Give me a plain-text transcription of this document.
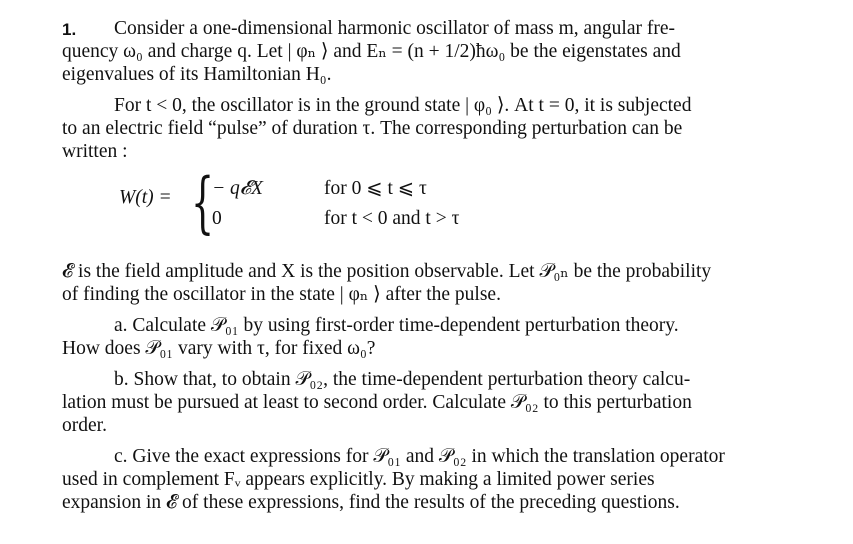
1. Consider a one-dimensional harmonic oscillator of mass m, angular fre-
quency ω₀ and charge q. Let | φₙ ⟩ and Eₙ = (n + 1/2)ħω₀ be the eigenstates and
eigenvalues of its Hamiltonian H₀.
For t < 0, the oscillator is in the ground state | φ₀ ⟩. At t = 0, it is subjected
to an electric field “pulse” of duration τ. The corresponding perturbation can be
written :
W(t) = {
− q𝓔X	for 0 ⩽ t ⩽ τ
0	for t < 0 and t > τ
𝓔 is the field amplitude and X is the position observable. Let 𝒫₀ₙ be the probability
of finding the oscillator in the state | φₙ ⟩ after the pulse.
a. Calculate 𝒫₀₁ by using first-order time-dependent perturbation theory.
How does 𝒫₀₁ vary with τ, for fixed ω₀?
b. Show that, to obtain 𝒫₀₂, the time-dependent perturbation theory calcu-
lation must be pursued at least to second order. Calculate 𝒫₀₂ to this perturbation
order.
c. Give the exact expressions for 𝒫₀₁ and 𝒫₀₂ in which the translation operator
used in complement Fᵥ appears explicitly. By making a limited power series
expansion in 𝓔 of these expressions, find the results of the preceding questions.
